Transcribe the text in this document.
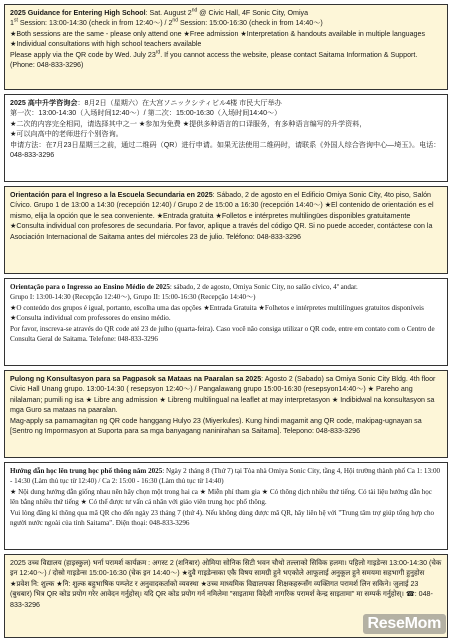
2025 Guidance for Entering High School: Sat. August 2nd @ Civic Hall, 4F Sonic City, Omiya

1st Session: 13:00-14:30 (check in from 12:40～) / 2nd Session: 15:00-16:30 (check in from 14:40～)

★Both sessions are the same - please only attend one ★Free admission ★Interpretation & handouts available in multiple languages ★Individual consultations with high school teachers available

Please apply via the QR code by Wed. July 23rd. If you cannot access the website, please contact Saitama Information & Support. (Phone: 048-833-3296)

2025 高中升学咨询会：8月2日（星期六）在大宫ソニックシティビル4楼 市民大厅举办

第一次：13:00-14:30（入场时间12:40～）/ 第二次：15:00-16:30（入场时间14:40～）

★二次的内容完全相同，请选择其中之一 ★参加为免费 ★提供多种语言的口译服务，有多种语言编写的升学资料，

★可以向高中的老师进行个别咨询。

申请方法：在7月23日星期三之前，通过二维码（QR）进行申请。如果无法使用二维码时，请联系《外国人综合咨询中心—埼玉》。电话：048-833-3296

Orientación para el Ingreso a la Escuela Secundaria en 2025: Sábado, 2 de agosto en el Edificio Omiya Sonic City, 4to piso, Salón Cívico. Grupo 1 de 13:00 a 14:30 (recepción 12:40) / Grupo 2 de 15:00 a 16:30 (recepción 14:40～) ★El contenido de orientación es el mismo, elija la opción que le sea conveniente. ★Entrada gratuita ★Folletos e intérpretes multilingües disponibles gratuitamente ★Consulta individual con profesores de secundaria. Por favor, aplique a través del código QR. Si no puede acceder, contáctese con la Asociación Internacional de Saitama antes del miércoles 23 de julio. Teléfono: 048-833-3296

Orientação para o Ingresso ao Ensino Médio de 2025: sábado, 2 de agosto, Omiya Sonic City, no salão cívico, 4º andar.

Grupo I: 13:00-14:30 (Recepção 12:40～), Grupo II: 15:00-16:30 (Recepção 14:40～)

★O conteúdo dos grupos é igual, portanto, escolha uma das opções ★Entrada Gratuita ★Folhetos e intérpretes multilíngues gratuitos disponíveis ★Consulta individual com professores do ensino médio.

Por favor, inscreva-se através do QR code até 23 de julho (quarta-feira). Caso você não consiga utilizar o QR code, entre em contato com o Centro de Consulta Geral de Saitama. Telefone: 048-833-3296

Pulong ng Konsultasyon para sa Pagpasok sa Mataas na Paaralan sa 2025: Agosto 2 (Sabado) sa Omiya Sonic City Bldg. 4th floor Civic Hall Unang grupo. 13:00-14:30 ( resepsyon 12:40～) / Pangalawang grupo 15:00-16:30 (resepsyon14:40～) ★ Pareho ang nilalaman; pumili ng isa ★ Libre ang admission ★ Libreng multilingual na leaflet at may interpretasyon ★ Indibidwal na konsultasyon sa mga Guro sa mataas na paaralan.

Mag-apply sa pamamagitan ng QR code hanggang Hulyo 23 (Miyerkules). Kung hindi magamit ang QR code, makipag-ugnayan sa [Sentro ng Impormasyon at Suporta para sa mga banyagang naninirahan sa Saitama]. Telepono: 048-833-3296

Hướng dẫn học lên trung học phổ thông năm 2025: Ngày 2 tháng 8 (Thứ 7) tại Tòa nhà Omiya Sonic City, tầng 4, Hội trường thành phố Ca 1: 13:00 - 14:30 (Làm thủ tục từ 12:40) / Ca 2: 15:00 - 16:30 (Làm thủ tục từ 14:40)

★ Nội dung hướng dẫn giống nhau nên hãy chọn một trong hai ca ★ Miễn phí tham gia ★ Có thông dịch nhiều thứ tiếng. Có tài liệu hướng dẫn học lên bằng nhiều thứ tiếng ★ Có thể được tư vấn cá nhân với giáo viên trung học phổ thông.

Vui lòng đăng kí thông qua mã QR cho đến ngày 23 tháng 7 (thứ 4). Nếu không dùng được mã QR, hãy liên hệ với "Trung tâm trợ giúp tổng hợp cho người nước ngoài của tỉnh Saitama". Điện thoại: 048-833-3296

2025 उच्च विद्यालय (हाइस्कुल) भर्ना परामर्श कार्यक्रम : अगस्ट 2 (शनिबार) ओमिया सोनिक सिटी भवन चौथो तल्लाको सिविक हलमा। पहिलो गाइडेन्स 13:00-14:30 (चेक इन 12:40～) / दोस्रो गाइडेन्स 15:00-16:30 (चेक इन 14:40～) ★दुवै गाइडेन्सका एकै विषय सामग्री हुने भएकोले आफूलाई अनुकूल हुने समयमा सहभागी हुनुहोस ★प्रवेश नि: शुल्क ★नि: शुल्क बहुभाषिक पम्प्लेट र अनुवादकर्ताको व्यवस्था ★उच्च माध्यमिक विद्यालयका शिक्षकहरूसँग व्यक्तिगत परामर्श लिन सकिने। जुलाई 23 (बुधबार) भित्र QR कोड प्रयोग गरेर आवेदन गर्नुहोस्। यदि QR कोड प्रयोग गर्न नमिलेमा "साइतामा विदेशी नागरिक परामर्श केन्द्र साइतामा" मा सम्पर्क गर्नुहोस्। ☎: 048-833-3296

ReseMom
